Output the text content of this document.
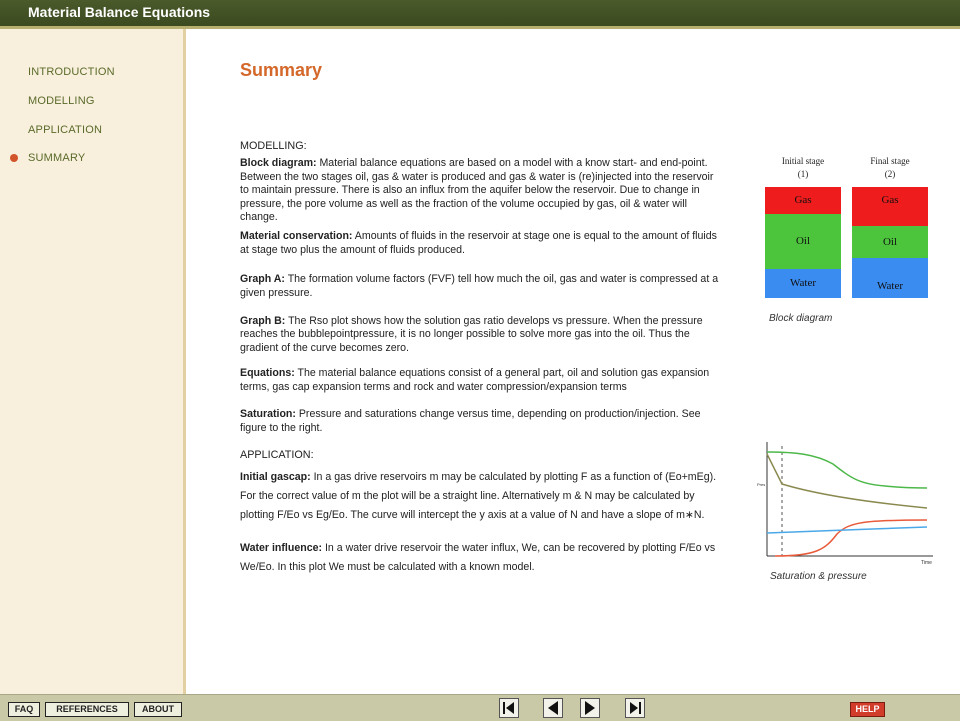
Material Balance Equations
INTRODUCTION
MODELLING
APPLICATION
SUMMARY
Summary

MODELLING:

Block diagram: Material balance equations are based on a model with a know start- and end-point. Between the two stages oil, gas & water is produced and gas & water is (re)injected into the reservoir to maintain pressure. There is also an influx from the aquifer below the reservoir. Due to change in pressure, the pore volume as well as the fraction of the volume occupied by gas, oil & water will change.

Material conservation: Amounts of fluids in the reservoir at stage one is equal to the amount of fluids at stage two plus the amount of fluids produced.

Graph A: The formation volume factors (FVF) tell how much the oil, gas and water is compressed at a given pressure.

Graph B: The Rso plot shows how the solution gas ratio develops vs pressure. When the pressure reaches the bubblepointpressure, it is no longer possible to solve more gas into the oil. Thus the gradient of the curve becomes zero.

Equations: The material balance equations consist of a general part, oil and solution gas expansion terms, gas cap expansion terms and rock and water compression/expansion terms

Saturation: Pressure and saturations change versus time, depending on production/injection. See figure to the right.

APPLICATION:

Initial gascap: In a gas drive reservoirs m may be calculated by plotting F as a function of (Eo+mEg). For the correct value of m the plot will be a straight line. Alternatively m & N may be calculated by plotting F/Eo vs Eg/Eo. The curve will intercept the y axis at a value of N and have a slope of m∗N.

Water influence: In a water drive reservoir the water influx, We, can be recovered by plotting F/Eo vs We/Eo. In this plot We must be calculated with a known model.

Initial stage
(1)
Final stage
(2)
Gas
Oil
Water
Gas
Oil
Water
Block diagram
Pres
Time
Saturation & pressure
FAQ	REFERENCES	ABOUT	HELP
